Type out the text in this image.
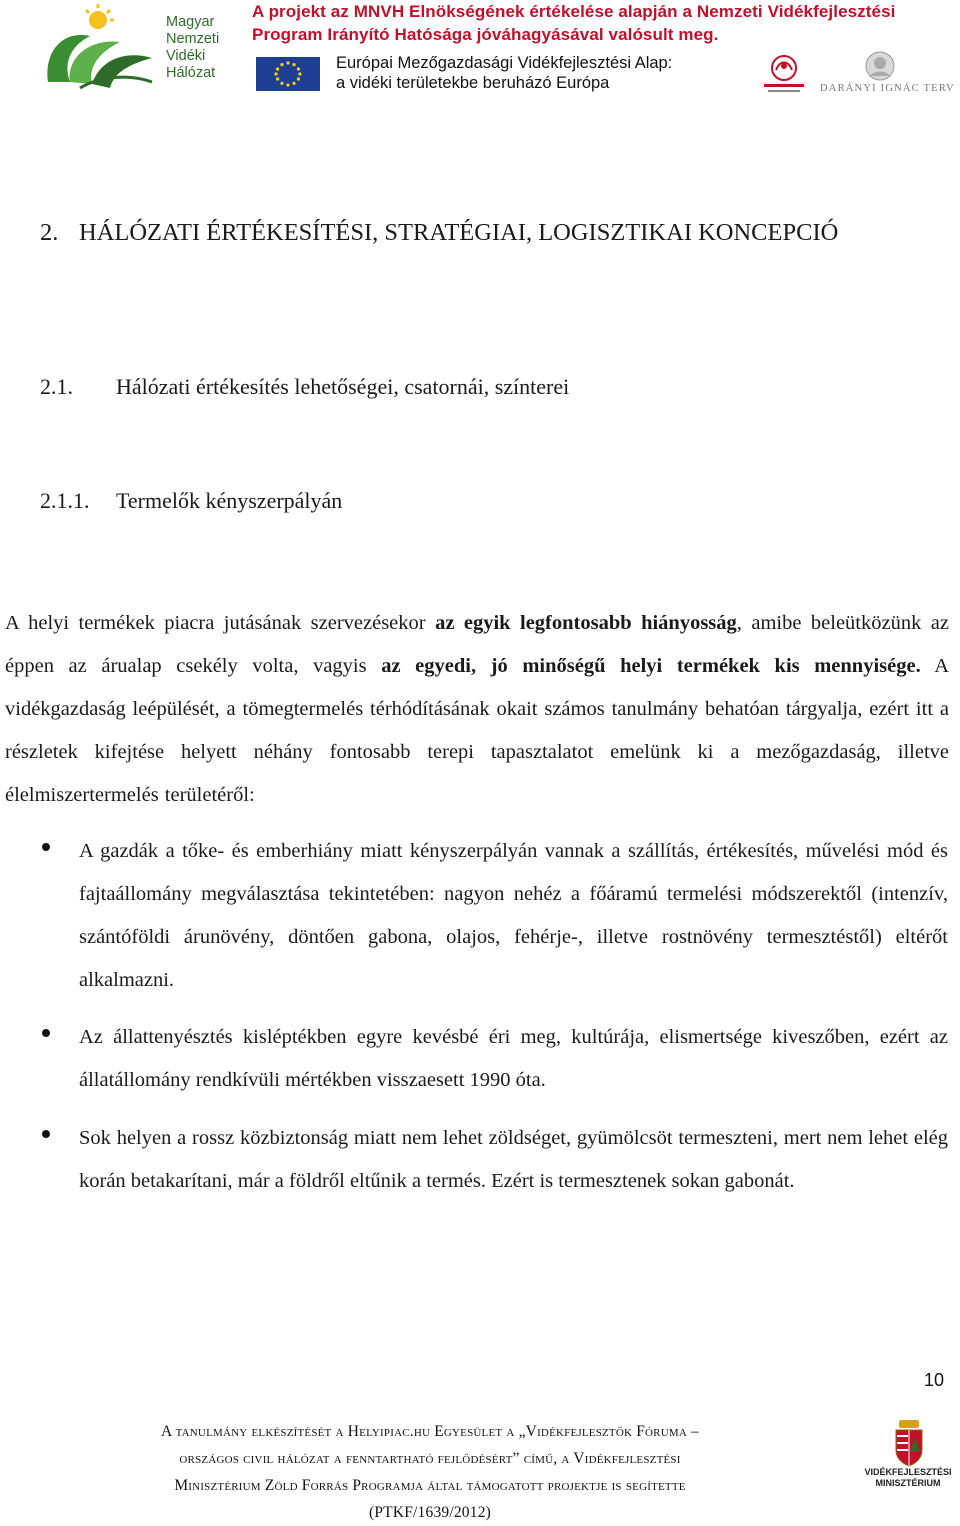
Magyar
Nemzeti
Vidéki
Hálózat
A projekt az MNVH Elnökségének értékelése alapján a Nemzeti Vidékfejlesztési
Program Irányító Hatósága jóváhagyásával valósult meg.
Európai Mezőgazdasági Vidékfejlesztési Alap:
a vidéki területekbe beruházó Európa	DARÁNYI IGNÁC TERV
2. HÁLÓZATI ÉRTÉKESÍTÉSI, STRATÉGIAI, LOGISZTIKAI KONCEPCIÓ
2.1. Hálózati értékesítés lehetőségei, csatornái, színterei
2.1.1. Termelők kényszerpályán
A helyi termékek piacra jutásának szervezésekor az egyik legfontosabb hiányosság, amibe beleütközünk az éppen az árualap csekély volta, vagyis az egyedi, jó minőségű helyi termékek kis mennyisége. A vidékgazdaság leépülését, a tömegtermelés térhódításának okait számos tanulmány behatóan tárgyalja, ezért itt a részletek kifejtése helyett néhány fontosabb terepi tapasztalatot emelünk ki a mezőgazdaság, illetve élelmiszertermelés területéről:
A gazdák a tőke- és emberhiány miatt kényszerpályán vannak a szállítás, értékesítés, művelési mód és fajtaállomány megválasztása tekintetében: nagyon nehéz a főáramú termelési módszerektől (intenzív, szántóföldi árunövény, döntően gabona, olajos, fehérje-, illetve rostnövény termesztéstől) eltérőt alkalmazni.
Az állattenyésztés kisléptékben egyre kevésbé éri meg, kultúrája, elismertsége kiveszőben, ezért az állatállomány rendkívüli mértékben visszaesett 1990 óta.
Sok helyen a rossz közbiztonság miatt nem lehet zöldséget, gyümölcsöt termeszteni, mert nem lehet elég korán betakarítani, már a földről eltűnik a termés. Ezért is termesztenek sokan gabonát.
10
A tanulmány elkészítését a Helyipiac.hu Egyesület a „Vidékfejlesztők Fóruma –
országos civil hálózat a fenntartható fejlődésért” című, a Vidékfejlesztési
Minisztérium Zöld Forrás Programja által támogatott projektje is segítette
(PTKF/1639/2012)
VIDÉKFEJLESZTÉSI
MINISZTÉRIUM
